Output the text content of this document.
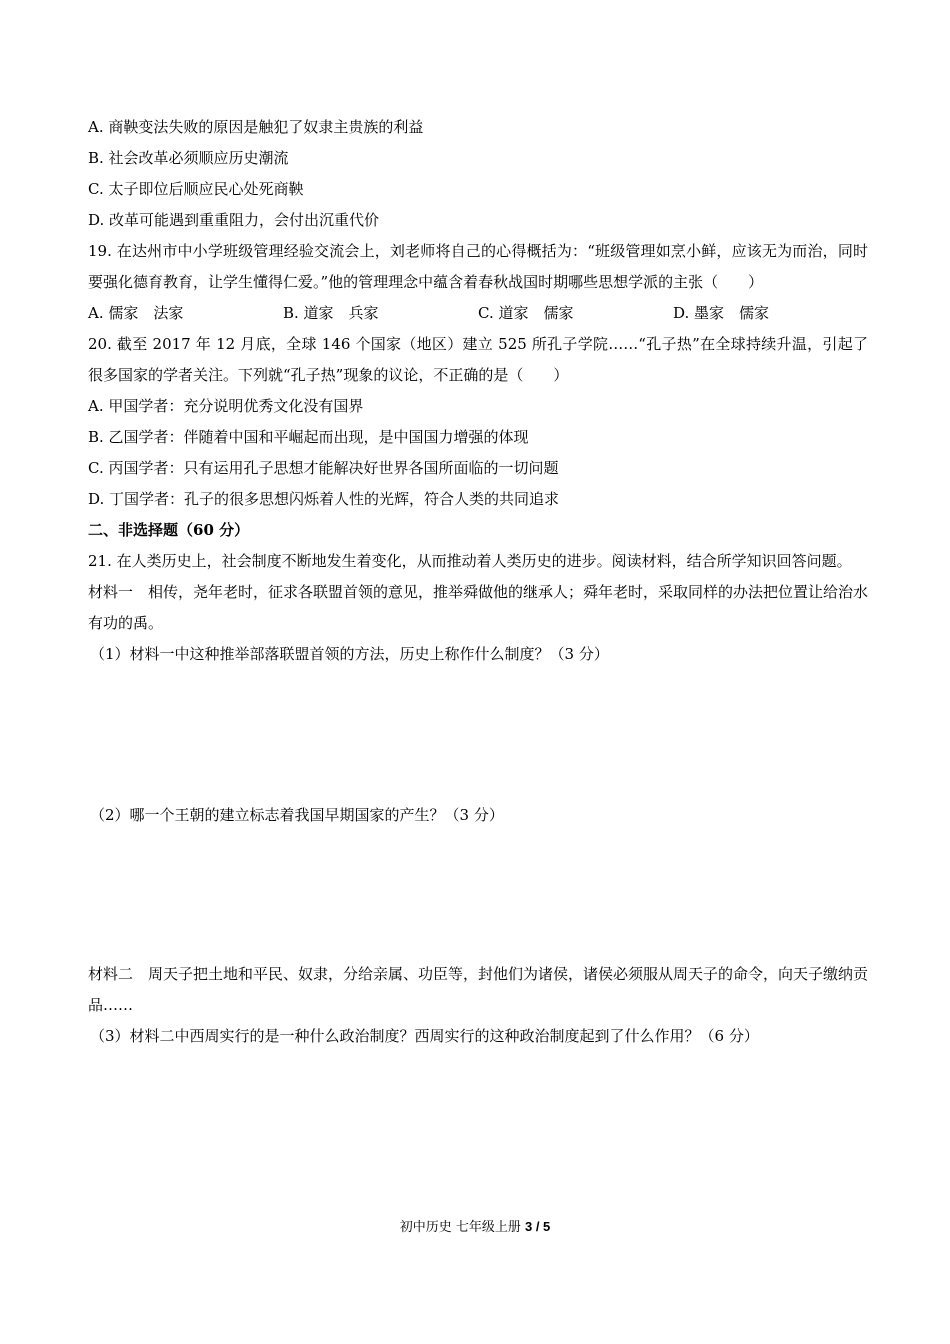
A. 商鞅变法失败的原因是触犯了奴隶主贵族的利益

B. 社会改革必须顺应历史潮流

C. 太子即位后顺应民心处死商鞅

D. 改革可能遇到重重阻力，会付出沉重代价

19. 在达州市中小学班级管理经验交流会上，刘老师将自己的心得概括为：“班级管理如烹小鲜，应该无为而治，同时要强化德育教育，让学生懂得仁爱。”他的管理理念中蕴含着春秋战国时期哪些思想学派的主张（　　）

A. 儒家　法家	B. 道家　兵家	C. 道家　儒家	D. 墨家　儒家

20. 截至 2017 年 12 月底，全球 146 个国家（地区）建立 525 所孔子学院……“孔子热”在全球持续升温，引起了很多国家的学者关注。下列就“孔子热”现象的议论，不正确的是（　　）

A. 甲国学者：充分说明优秀文化没有国界

B. 乙国学者：伴随着中国和平崛起而出现，是中国国力增强的体现

C. 丙国学者：只有运用孔子思想才能解决好世界各国所面临的一切问题

D. 丁国学者：孔子的很多思想闪烁着人性的光辉，符合人类的共同追求

二、非选择题（60 分）

21. 在人类历史上，社会制度不断地发生着变化，从而推动着人类历史的进步。阅读材料，结合所学知识回答问题。

材料一　相传，尧年老时，征求各联盟首领的意见，推举舜做他的继承人；舜年老时，采取同样的办法把位置让给治水有功的禹。

（1）材料一中这种推举部落联盟首领的方法，历史上称作什么制度？（3 分）

（2）哪一个王朝的建立标志着我国早期国家的产生？（3 分）

材料二　周天子把土地和平民、奴隶，分给亲属、功臣等，封他们为诸侯，诸侯必须服从周天子的命令，向天子缴纳贡品……

（3）材料二中西周实行的是一种什么政治制度？西周实行的这种政治制度起到了什么作用？（6 分）

初中历史 七年级上册 3 / 5
